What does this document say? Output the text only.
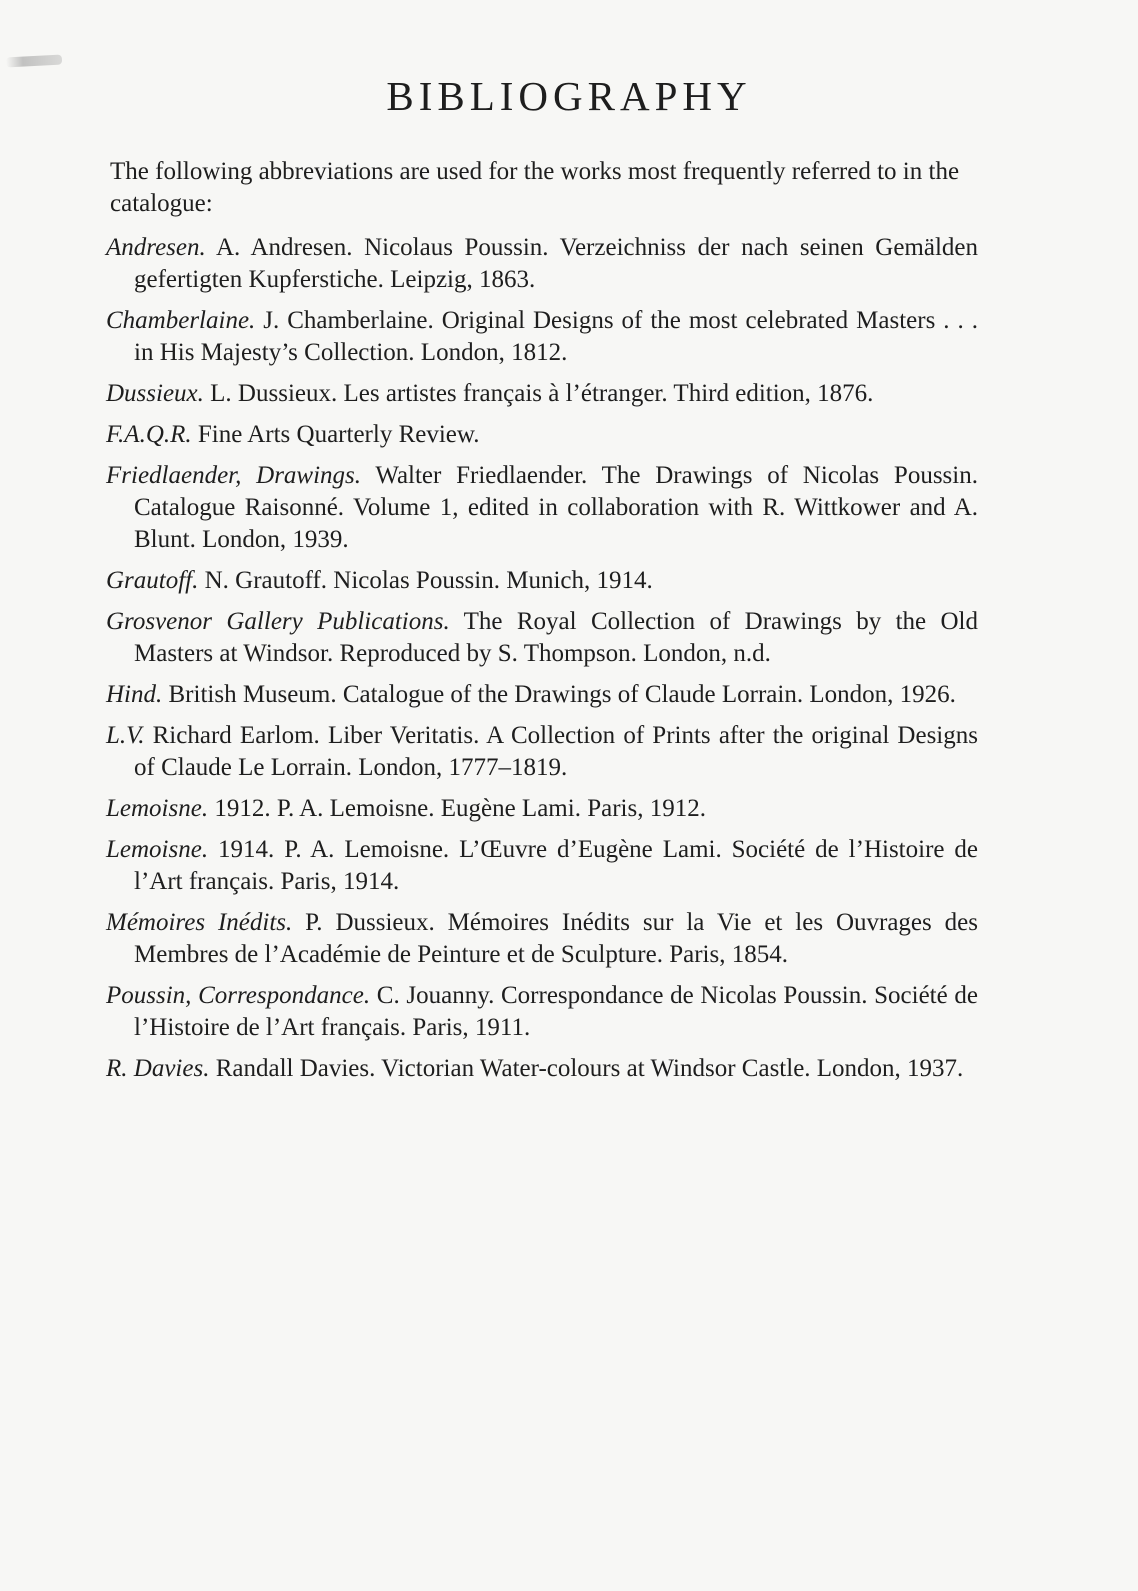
BIBLIOGRAPHY

The following abbreviations are used for the works most frequently referred to in the catalogue:

Andresen. A. Andresen. Nicolaus Poussin. Verzeichniss der nach seinen Gemälden gefertigten Kupferstiche. Leipzig, 1863.
Chamberlaine. J. Chamberlaine. Original Designs of the most celebrated Masters . . . in His Majesty’s Collection. London, 1812.
Dussieux. L. Dussieux. Les artistes français à l’étranger. Third edition, 1876.
F.A.Q.R. Fine Arts Quarterly Review.
Friedlaender, Drawings. Walter Friedlaender. The Drawings of Nicolas Poussin. Catalogue Raisonné. Volume 1, edited in collaboration with R. Wittkower and A. Blunt. London, 1939.
Grautoff. N. Grautoff. Nicolas Poussin. Munich, 1914.
Grosvenor Gallery Publications. The Royal Collection of Drawings by the Old Masters at Windsor. Reproduced by S. Thompson. London, n.d.
Hind. British Museum. Catalogue of the Drawings of Claude Lorrain. London, 1926.
L.V. Richard Earlom. Liber Veritatis. A Collection of Prints after the original Designs of Claude Le Lorrain. London, 1777–1819.
Lemoisne. 1912. P. A. Lemoisne. Eugène Lami. Paris, 1912.
Lemoisne. 1914. P. A. Lemoisne. L’Œuvre d’Eugène Lami. Société de l’Histoire de l’Art français. Paris, 1914.
Mémoires Inédits. P. Dussieux. Mémoires Inédits sur la Vie et les Ouvrages des Membres de l’Académie de Peinture et de Sculpture. Paris, 1854.
Poussin, Correspondance. C. Jouanny. Correspondance de Nicolas Poussin. Société de l’Histoire de l’Art français. Paris, 1911.
R. Davies. Randall Davies. Victorian Water-colours at Windsor Castle. London, 1937.
